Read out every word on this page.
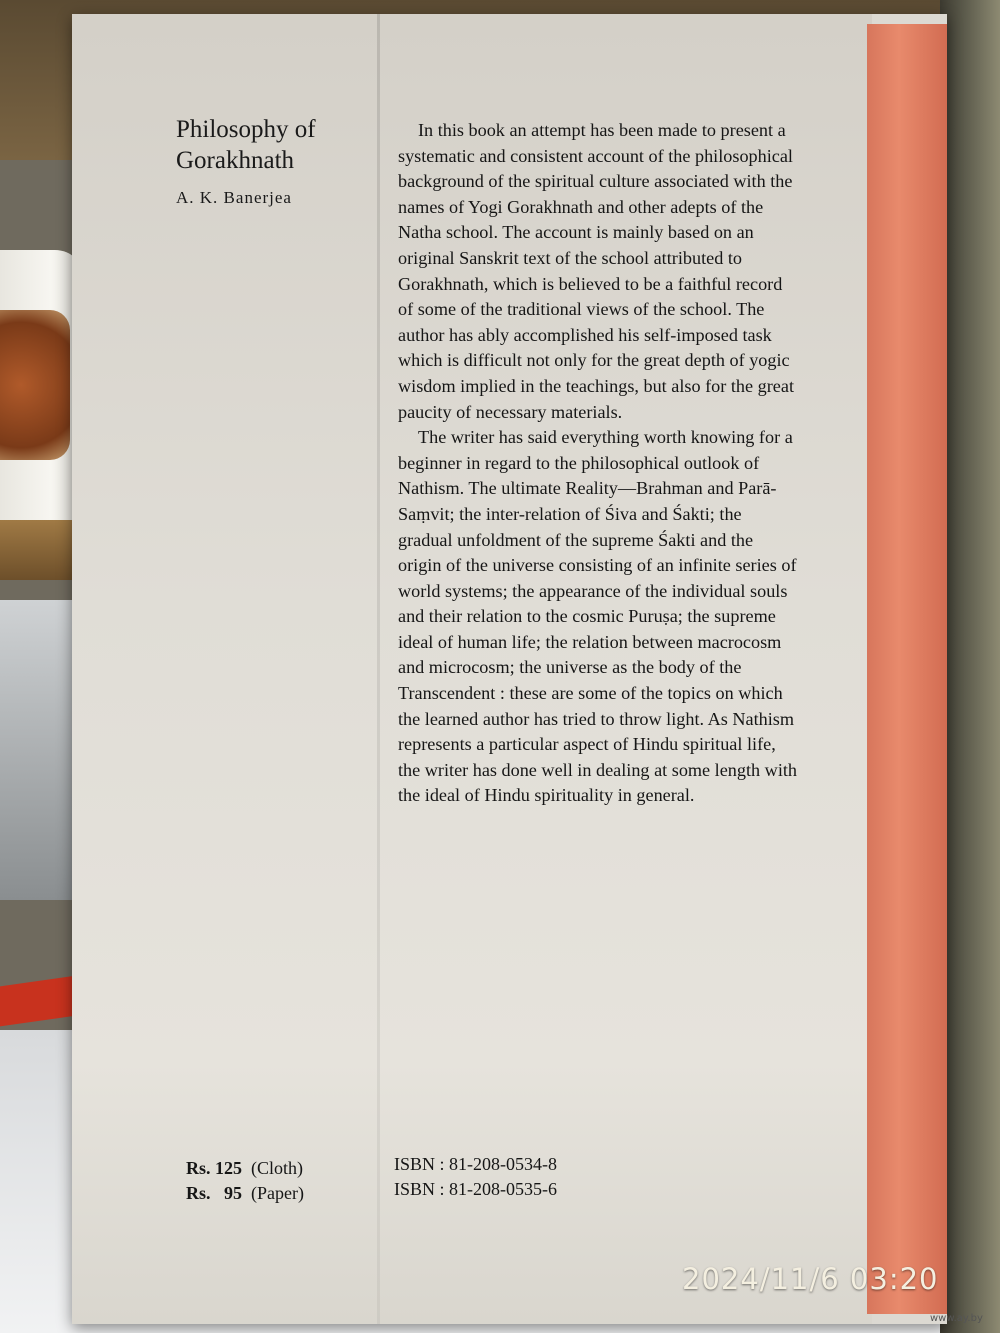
Philosophy of Gorakhnath
A. K. Banerjea

In this book an attempt has been made to present a systematic and consistent account of the philosophical background of the spiritual culture associated with the names of Yogi Gorakhnath and other adepts of the Natha school. The account is mainly based on an original Sanskrit text of the school attributed to Gorakhnath, which is believed to be a faithful record of some of the traditional views of the school. The author has ably accomplished his self-imposed task which is difficult not only for the great depth of yogic wisdom implied in the teachings, but also for the great paucity of necessary materials.

The writer has said everything worth knowing for a beginner in regard to the philosophical outlook of Nathism. The ultimate Reality—Brahman and Parā-Saṃvit; the inter-relation of Śiva and Śakti; the gradual unfoldment of the supreme Śakti and the origin of the universe consisting of an infinite series of world systems; the appearance of the individual souls and their relation to the cosmic Puruṣa; the supreme ideal of human life; the relation between macrocosm and microcosm; the universe as the body of the Transcendent : these are some of the topics on which the learned author has tried to throw light. As Nathism represents a particular aspect of Hindu spiritual life, the writer has done well in dealing at some length with the ideal of Hindu spirituality in general.

Rs. 125 (Cloth)
Rs. 95 (Paper)
ISBN : 81-208-0534-8
ISBN : 81-208-0535-6
2024/11/6 03:20
www.ay.by
